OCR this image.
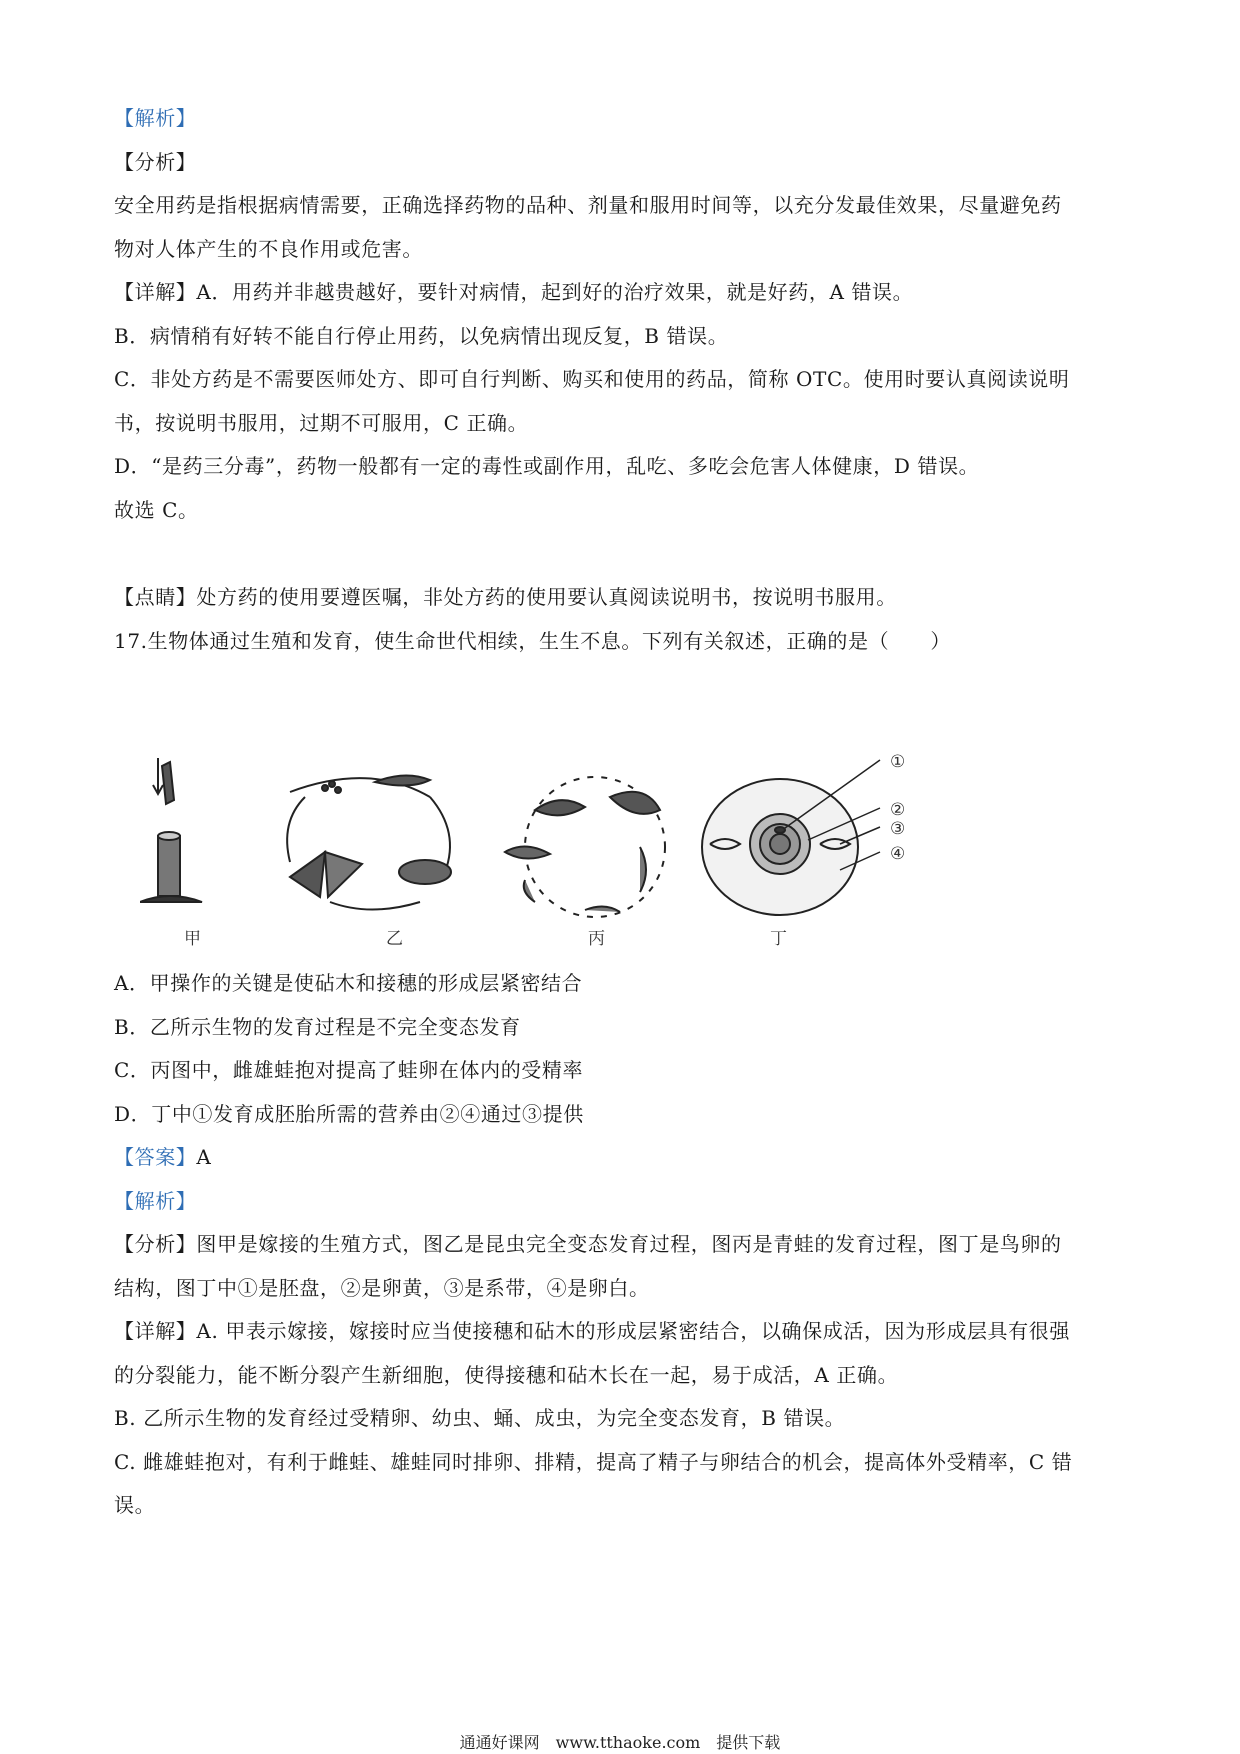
【解析】
【分析】
安全用药是指根据病情需要，正确选择药物的品种、剂量和服用时间等，以充分发最佳效果，尽量避免药
物对人体产生的不良作用或危害。
【详解】A．用药并非越贵越好，要针对病情，起到好的治疗效果，就是好药，A 错误。
B．病情稍有好转不能自行停止用药，以免病情出现反复，B 错误。
C．非处方药是不需要医师处方、即可自行判断、购买和使用的药品，简称 OTC。使用时要认真阅读说明
书，按说明书服用，过期不可服用，C 正确。
D．“是药三分毒”，药物一般都有一定的毒性或副作用，乱吃、多吃会危害人体健康，D 错误。
故选 C。
【点睛】处方药的使用要遵医嘱，非处方药的使用要认真阅读说明书，按说明书服用。
17.生物体通过生殖和发育，使生命世代相续，生生不息。下列有关叙述，正确的是（　　）
①
②
③
④
甲	乙	丙	丁
A．甲操作的关键是使砧木和接穗的形成层紧密结合
B．乙所示生物的发育过程是不完全变态发育
C．丙图中，雌雄蛙抱对提高了蛙卵在体内的受精率
D．丁中①发育成胚胎所需的营养由②④通过③提供
【答案】A
【解析】
【分析】图甲是嫁接的生殖方式，图乙是昆虫完全变态发育过程，图丙是青蛙的发育过程，图丁是鸟卵的
结构，图丁中①是胚盘，②是卵黄，③是系带，④是卵白。
【详解】A. 甲表示嫁接，嫁接时应当使接穗和砧木的形成层紧密结合，以确保成活，因为形成层具有很强
的分裂能力，能不断分裂产生新细胞，使得接穗和砧木长在一起，易于成活，A 正确。
B. 乙所示生物的发育经过受精卵、幼虫、蛹、成虫，为完全变态发育，B 错误。
C. 雌雄蛙抱对，有利于雌蛙、雄蛙同时排卵、排精，提高了精子与卵结合的机会，提高体外受精率，C 错
误。
通通好课网　www.tthaoke.com　提供下载
